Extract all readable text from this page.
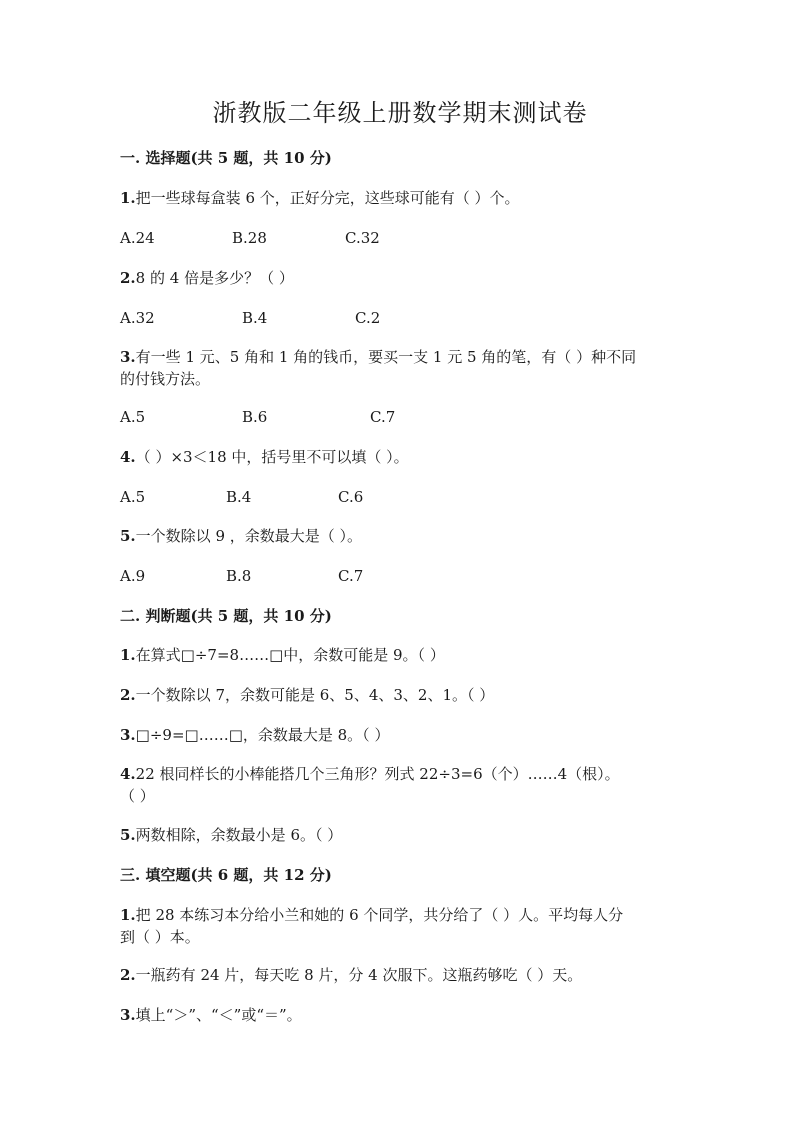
浙教版二年级上册数学期末测试卷
一. 选择题(共 5 题，共 10 分)
1.把一些球每盒装 6 个，正好分完，这些球可能有（ ）个。
A.24	B.28	C.32
2.8 的 4 倍是多少？（ ）
A.32	B.4	C.2
3.有一些 1 元、5 角和 1 角的钱币，要买一支 1 元 5 角的笔，有（ ）种不同
的付钱方法。
A.5	B.6	C.7
4.（ ）×3＜18 中，括号里不可以填（ ）。
A.5	B.4	C.6
5.一个数除以 9 ，余数最大是（ ）。
A.9	B.8	C.7
二. 判断题(共 5 题，共 10 分)
1.在算式□÷7=8……□中，余数可能是 9。（ ）
2.一个数除以 7，余数可能是 6、5、4、3、2、1。（ ）
3.□÷9=□……□，余数最大是 8。（ ）
4.22 根同样长的小棒能搭几个三角形？列式 22÷3=6（个）……4（根）。
（ ）
5.两数相除，余数最小是 6。（ ）
三. 填空题(共 6 题，共 12 分)
1.把 28 本练习本分给小兰和她的 6 个同学，共分给了（ ）人。平均每人分
到（ ）本。
2.一瓶药有 24 片，每天吃 8 片，分 4 次服下。这瓶药够吃（ ）天。
3.填上“＞”、“＜”或“＝”。
